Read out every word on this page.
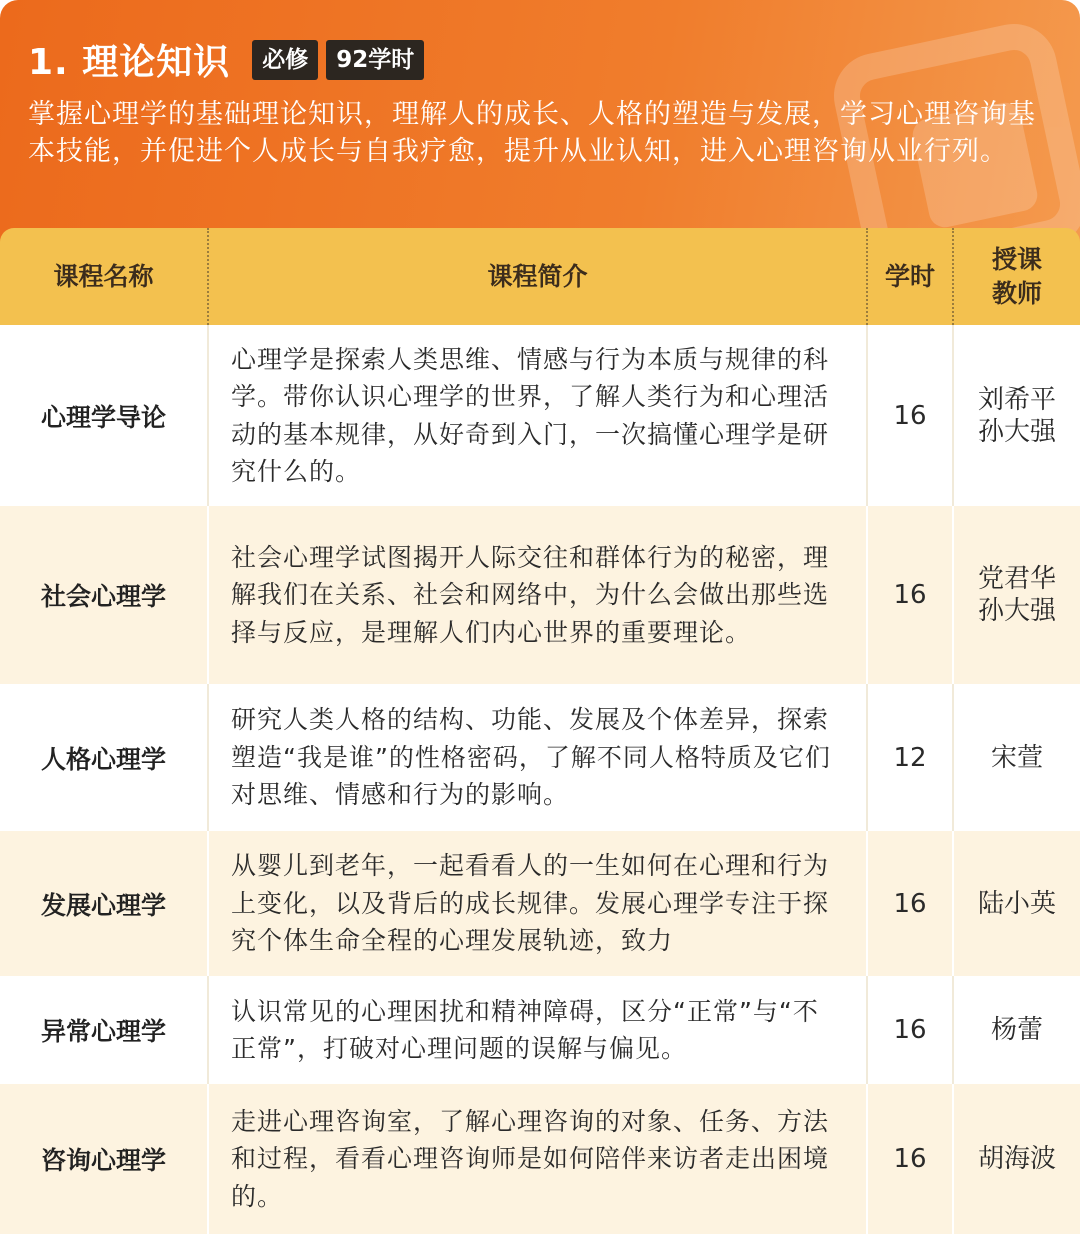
1. 理论知识	必修	92学时
掌握心理学的基础理论知识，理解人的成长、人格的塑造与发展，学习心理咨询基本技能，并促进个人成长与自我疗愈，提升从业认知，进入心理咨询从业行列。
课程名称	课程简介	学时	授课教师
心理学导论	心理学是探索人类思维、情感与行为本质与规律的科学。带你认识心理学的世界，了解人类行为和心理活动的基本规律，从好奇到入门，一次搞懂心理学是研究什么的。	16	刘希平
孙大强

社会心理学	社会心理学试图揭开人际交往和群体行为的秘密，理解我们在关系、社会和网络中，为什么会做出那些选择与反应，是理解人们内心世界的重要理论。	16	党君华
孙大强

人格心理学	研究人类人格的结构、功能、发展及个体差异，探索塑造“我是谁”的性格密码，了解不同人格特质及它们对思维、情感和行为的影响。	12	宋萱

发展心理学	从婴儿到老年，一起看看人的一生如何在心理和行为上变化，以及背后的成长规律。发展心理学专注于探究个体生命全程的心理发展轨迹，致力	16	陆小英

异常心理学	认识常见的心理困扰和精神障碍，区分“正常”与“不正常”，打破对心理问题的误解与偏见。	16	杨蕾

咨询心理学	走进心理咨询室，了解心理咨询的对象、任务、方法和过程，看看心理咨询师是如何陪伴来访者走出困境的。	16	胡海波
